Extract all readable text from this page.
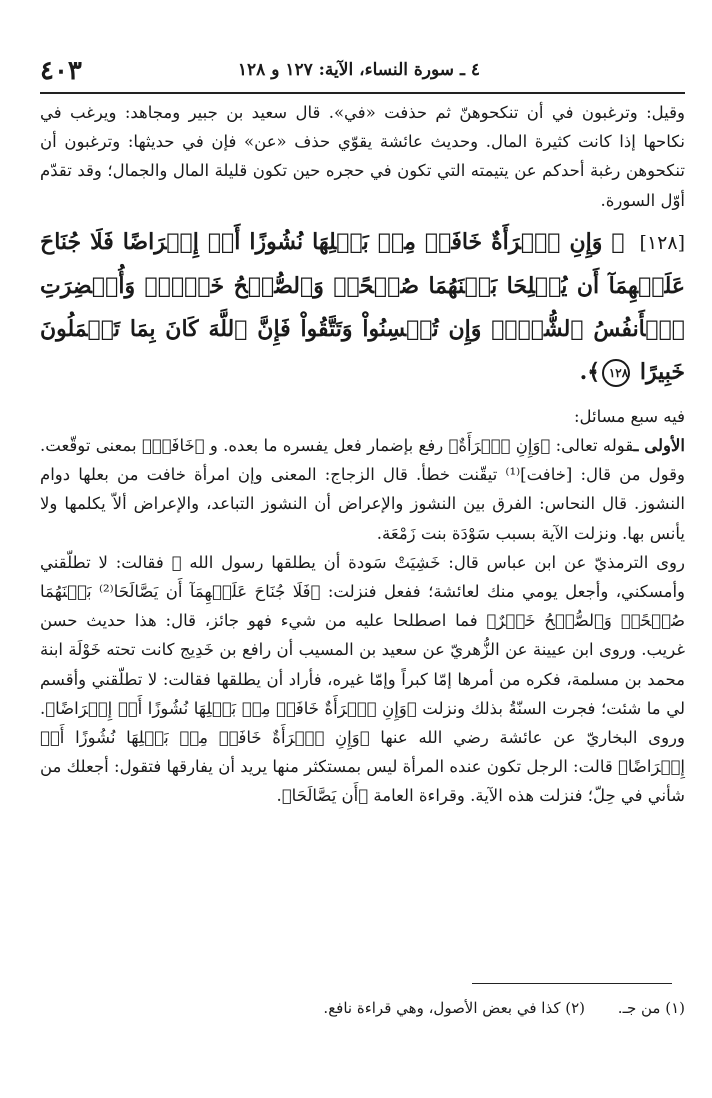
٤٠٣	٤ ـ سورة النساء، الآية: ١٢٧ و ١٢٨

وقيل: وترغبون في أن تنكحوهنّ ثم حذفت «في». قال سعيد بن جبير ومجاهد: ويرغب في نكاحها إذا كانت كثيرة المال. وحديث عائشة يقوّي حذف «عن» فإن في حديثها: وترغبون أن تنكحوهن رغبة أحدكم عن يتيمته التي تكون في حجره حين تكون قليلة المال والجمال؛ وقد تقدّم أوّل السورة.

[١٢٨] ﴿ وَإِنِ ٱمۡرَأَةٌ خَافَتۡ مِنۢ بَعۡلِهَا نُشُوزًا أَوۡ إِعۡرَاضًا فَلَا جُنَاحَ عَلَيۡهِمَآ أَن يُصۡلِحَا بَيۡنَهُمَا صُلۡحًاۚ وَٱلصُّلۡحُ خَيۡرٌۗ وَأُحۡضِرَتِ ٱلۡأَنفُسُ ٱلشُّحَّۚ وَإِن تُحۡسِنُواْ وَتَتَّقُواْ فَإِنَّ ٱللَّهَ كَانَ بِمَا تَعۡمَلُونَ خَبِيرًا ١٢٨﴾.

فيه سبع مسائل:

الأولى ـقوله تعالى: ﴿وَإِنِ ٱمۡرَأَةٌ﴾ رفع بإضمار فعل يفسره ما بعده. و ﴿خَافَتۡ﴾ بمعنى توقّعت. وقول من قال: [خافت]⁽¹⁾ تيقّنت خطأ. قال الزجاج: المعنى وإن امرأة خافت من بعلها دوام النشوز. قال النحاس: الفرق بين النشوز والإعراض أن النشوز التباعد، والإعراض ألاّ يكلمها ولا يأنس بها. ونزلت الآية بسبب سَوْدَة بنت زَمْعَة.

روى الترمذيّ عن ابن عباس قال: خَشِيَتْ سَودة أن يطلقها رسول الله ﷺ فقالت: لا تطلّقني وأمسكني، وأجعل يومي منك لعائشة؛ ففعل فنزلت: ﴿فَلَا جُنَاحَ عَلَيۡهِمَآ أَن يَصَّالَحَا⁽²⁾ بَيۡنَهُمَا صُلۡحًاۚ وَٱلصُّلۡحُ خَيۡرٌ﴾ فما اصطلحا عليه من شيء فهو جائز، قال: هذا حديث حسن غريب. وروى ابن عيينة عن الزُّهريّ عن سعيد بن المسيب أن رافع بن خَدِيج كانت تحته خَوْلَة ابنة محمد بن مسلمة، فكره من أمرها إمّا كبراً وإمّا غيره، فأراد أن يطلقها فقالت: لا تطلّقني وأقسم لي ما شئت؛ فجرت السنّةُ بذلك ونزلت ﴿وَإِنِ ٱمۡرَأَةٌ خَافَتۡ مِنۢ بَعۡلِهَا نُشُوزًا أَوۡ إِعۡرَاضًا﴾. وروى البخاريّ عن عائشة رضي الله عنها ﴿وَإِنِ ٱمۡرَأَةٌ خَافَتۡ مِنۢ بَعۡلِهَا نُشُوزًا أَوۡ إِعۡرَاضًا﴾ قالت: الرجل تكون عنده المرأة ليس بمستكثر منها يريد أن يفارقها فتقول: أجعلك من شأني في حِلّ؛ فنزلت هذه الآية. وقراءة العامة ﴿أَن يَصَّالَحَا﴾.

(١) من جـ. (٢) كذا في بعض الأصول، وهي قراءة نافع.
